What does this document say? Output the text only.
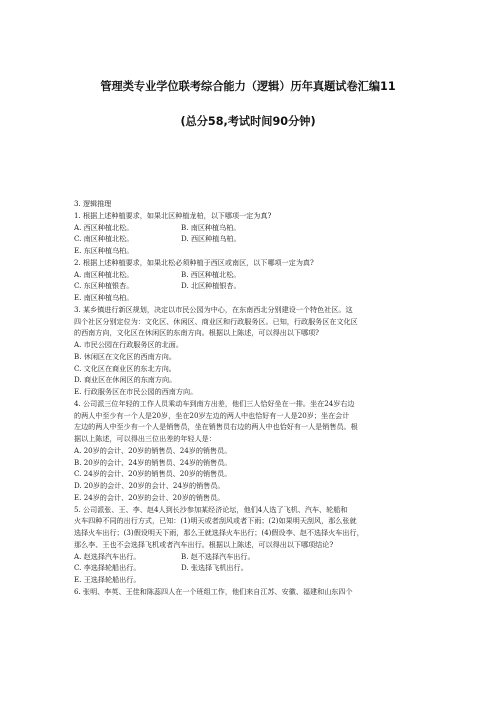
管理类专业学位联考综合能力（逻辑）历年真题试卷汇编11
(总分58,考试时间90分钟)
3. 逻辑推理
1. 根据上述种植要求，如果北区种植龙柏，以下哪项一定为真?
A. 西区种植北松。	B. 南区种植乌柏。
C. 南区种植北松。	D. 西区种植乌柏。
E. 东区种植乌柏。
2. 根据上述种植要求，如果北松必须种植于西区或南区，以下哪项一定为真?
A. 南区种植北松。	B. 西区种植北松。
C. 东区种植银杏。	D. 北区种植银杏。
E. 南区种植乌柏。
3. 某乡镇进行新区规划，决定以市民公园为中心，在东南西北分别建设一个特色社区。这
四个社区分别定位为：文化区、休闲区、商业区和行政服务区。已知，行政服务区在文化区
的西南方向，文化区在休闲区的东南方向。根据以上陈述，可以得出以下哪项?
A. 市民公园在行政服务区的北面。
B. 休闲区在文化区的西南方向。
C. 文化区在商业区的东北方向。
D. 商业区在休闲区的东南方向。
E. 行政服务区在市民公园的西南方向。
4. 公司派三位年轻的工作人员乘动车到南方出差，他们三人恰好坐在一排。坐在24岁右边
的两人中至少有一个人是20岁，坐在20岁左边的两人中也恰好有一人是20岁；坐在会计
左边的两人中至少有一个人是销售员，坐在销售员右边的两人中也恰好有一人是销售员。根
据以上陈述，可以得出三位出差的年轻人是：
A. 20岁的会计、20岁的销售员、24岁的销售员。
B. 20岁的会计、24岁的销售员、24岁的销售员。
C. 24岁的会计、20岁的销售员、20岁的销售员。
D. 20岁的会计、20岁的会计、24岁的销售员。
E. 24岁的会计、20岁的会计、20岁的销售员。
5. 公司派张、王、李、赵4人到长沙参加某经济论坛，他们4人选了飞机、汽车、轮船和
火车四种不同的出行方式，已知：(1)明天或者刮风或者下雨；(2)如果明天刮风，那么张就
选择火车出行；(3)假设明天下雨，那么王就选择火车出行；(4)假设李、赵不选择火车出行，
那么李、王也不会选择飞机或者汽车出行。根据以上陈述，可以得出以下哪项结论?
A. 赵选择汽车出行。	B. 赵不选择汽车出行。
C. 李选择轮船出行。	D. 张选择飞机出行。
E. 王选择轮船出行。
6. 张明、李英、王佳和陈蕊四人在一个班组工作，他们来自江苏、安徽、福建和山东四个
